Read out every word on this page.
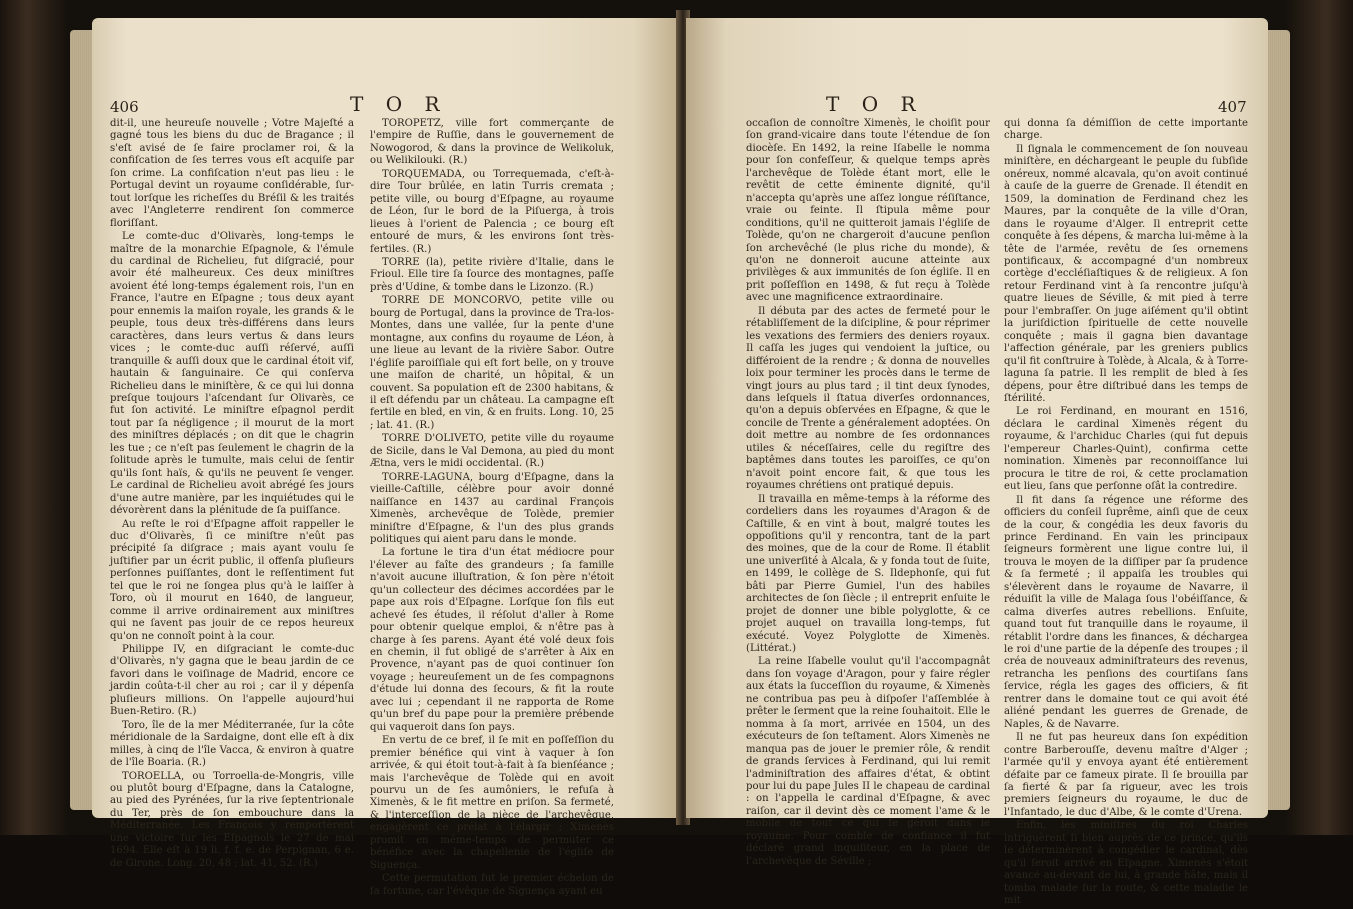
406	T O R

dit-il, une heureuſe nouvelle ; Votre Majeſté a gagné tous les biens du duc de Bragance ; il s'eſt avisé de ſe faire proclamer roi, & la confiſcation de ſes terres vous eſt acquiſe par ſon crime. La confiſcation n'eut pas lieu : le Portugal devint un royaume conſidérable, ſur-tout lorſque les richeſſes du Bréſil & les traités avec l'Angleterre rendirent ſon commerce floriſſant.

Le comte-duc d'Olivarès, long-temps le maître de la monarchie Eſpagnole, & l'émule du cardinal de Richelieu, fut diſgracié, pour avoir été malheureux. Ces deux miniſtres avoient été long-temps également rois, l'un en France, l'autre en Eſpagne ; tous deux ayant pour ennemis la maiſon royale, les grands & le peuple, tous deux très-différens dans leurs caractères, dans leurs vertus & dans leurs vices ; le comte-duc auſſi réſervé, auſſi tranquille & auſſi doux que le cardinal étoit vif, hautain & ſanguinaire. Ce qui conſerva Richelieu dans le miniſtère, & ce qui lui donna preſque toujours l'aſcendant ſur Olivarès, ce fut ſon activité. Le miniſtre eſpagnol perdit tout par ſa négligence ; il mourut de la mort des miniſtres déplacés ; on dit que le chagrin les tue ; ce n'eſt pas ſeulement le chagrin de la ſolitude après le tumulte, mais celui de ſentir qu'ils ſont haïs, & qu'ils ne peuvent ſe venger. Le cardinal de Richelieu avoit abrégé ſes jours d'une autre manière, par les inquiétudes qui le dévorèrent dans la plénitude de ſa puiſſance.

Au reſte le roi d'Eſpagne affoit rappeller le duc d'Olivarès, ſi ce miniſtre n'eût pas précipité ſa diſgrace ; mais ayant voulu ſe juſtifier par un écrit public, il offenſa pluſieurs perſonnes puiſſantes, dont le reſſentiment fut tel que le roi ne ſongea plus qu'à le laiſſer à Toro, où il mourut en 1640, de langueur, comme il arrive ordinairement aux miniſtres qui ne ſavent pas jouir de ce repos heureux qu'on ne connoît point à la cour.

Philippe IV, en diſgraciant le comte-duc d'Olivarès, n'y gagna que le beau jardin de ce favori dans le voiſinage de Madrid, encore ce jardin coûta-t-il cher au roi ; car il y dépenſa pluſieurs millions. On l'appelle aujourd'hui Buen-Retiro. (R.)

Toro, île de la mer Méditerranée, ſur la côte méridionale de la Sardaigne, dont elle eſt à dix milles, à cinq de l'île Vacca, & environ à quatre de l'île Boaria. (R.)

TOROELLA, ou Torroella-de-Mongris, ville ou plutôt bourg d'Eſpagne, dans la Catalogne, au pied des Pyrénées, ſur la rive ſeptentrionale du Ter, près de ſon embouchure dans la Méditerranée. Les François y remportèrent une victoire ſur les Eſpagnols le 27 de mai 1694. Elle eſt à 19 li. f. f. e. de Perpignan, 6 e. de Girone. Long. 20, 48 ; lat. 41, 52. (R.)

TOROPETZ, ville fort commerçante de l'empire de Ruſſie, dans le gouvernement de Nowogorod, & dans la province de Welikoluk, ou Welikilouki. (R.)

TORQUEMADA, ou Torrequemada, c'eſt-à-dire Tour brûlée, en latin Turris cremata ; petite ville, ou bourg d'Eſpagne, au royaume de Léon, ſur le bord de la Piſuerga, à trois lieues à l'orient de Palencia ; ce bourg eſt entouré de murs, & les environs ſont très-fertiles. (R.)

TORRE (la), petite rivière d'Italie, dans le Frioul. Elle tire ſa ſource des montagnes, paſſe près d'Udine, & tombe dans le Lizonzo. (R.)

TORRE DE MONCORVO, petite ville ou bourg de Portugal, dans la province de Tra-los-Montes, dans une vallée, ſur la pente d'une montagne, aux confins du royaume de Léon, à une lieue au levant de la rivière Sabor. Outre l'égliſe paroiſſiale qui eſt fort belle, on y trouve une maiſon de charité, un hôpital, & un couvent. Sa population eſt de 2300 habitans, & il eſt défendu par un château. La campagne eſt fertile en bled, en vin, & en fruits. Long. 10, 25 ; lat. 41. (R.)

TORRE D'OLIVETO, petite ville du royaume de Sicile, dans le Val Demona, au pied du mont Ætna, vers le midi occidental. (R.)

TORRE-LAGUNA, bourg d'Eſpagne, dans la vieille-Caſtille, célèbre pour avoir donné naiſſance en 1437 au cardinal François Ximenès, archevêque de Tolède, premier miniſtre d'Eſpagne, & l'un des plus grands politiques qui aient paru dans le monde.

La fortune le tira d'un état médiocre pour l'élever au faîte des grandeurs ; ſa famille n'avoit aucune illuſtration, & ſon père n'étoit qu'un collecteur des décimes accordées par le pape aux rois d'Eſpagne. Lorſque ſon fils eut achevé ſes études, il réſolut d'aller à Rome pour obtenir quelque emploi, & n'être pas à charge à ſes parens. Ayant été volé deux fois en chemin, il fut obligé de s'arrêter à Aix en Provence, n'ayant pas de quoi continuer ſon voyage ; heureuſement un de ſes compagnons d'étude lui donna des ſecours, & fit la route avec lui ; cependant il ne rapporta de Rome qu'un bref du pape pour la première prébende qui vaqueroit dans ſon pays.

En vertu de ce bref, il ſe mit en poſſeſſion du premier bénéfice qui vint à vaquer à ſon arrivée, & qui étoit tout-à-fait à ſa bienſéance ; mais l'archevêque de Tolède qui en avoit pourvu un de ſes aumôniers, le refuſa à Ximenès, & le fit mettre en priſon. Sa fermeté, & l'interceſſion de la nièce de l'archevêque, engagèrent ce prélat à l'élargir ; Ximenès promit en même-temps de permuter ce bénéfice avec la chapellenie de l'égliſe de Siguença.

Cette permutation fut le premier échelon de ſa fortune, car l'évêque de Siguença ayant eu

T O R	407

occaſion de connoître Ximenès, le choiſit pour ſon grand-vicaire dans toute l'étendue de ſon diocèſe. En 1492, la reine Iſabelle le nomma pour ſon confeſſeur, & quelque temps après l'archevêque de Tolède étant mort, elle le revêtit de cette éminente dignité, qu'il n'accepta qu'après une aſſez longue réſiſtance, vraie ou feinte. Il ſtipula même pour conditions, qu'il ne quitteroit jamais l'égliſe de Tolède, qu'on ne chargeroit d'aucune penſion ſon archevêché (le plus riche du monde), & qu'on ne donneroit aucune atteinte aux privilèges & aux immunités de ſon égliſe. Il en prit poſſeſſion en 1498, & fut reçu à Tolède avec une magnificence extraordinaire.

Il débuta par des actes de fermeté pour le rétabliſſement de la diſcipline, & pour réprimer les vexations des fermiers des deniers royaux. Il caſſa les juges qui vendoient la juſtice, ou différoient de la rendre ; & donna de nouvelles loix pour terminer les procès dans le terme de vingt jours au plus tard ; il tint deux ſynodes, dans leſquels il ſtatua diverſes ordonnances, qu'on a depuis obſervées en Eſpagne, & que le concile de Trente a généralement adoptées. On doit mettre au nombre de ſes ordonnances utiles & néceſſaires, celle du regiſtre des baptêmes dans toutes les paroiſſes, ce qu'on n'avoit point encore fait, & que tous les royaumes chrétiens ont pratiqué depuis.

Il travailla en même-temps à la réforme des cordeliers dans les royaumes d'Aragon & de Caſtille, & en vint à bout, malgré toutes les oppoſitions qu'il y rencontra, tant de la part des moines, que de la cour de Rome. Il établit une univerſité à Alcala, & y fonda tout de ſuite, en 1499, le collège de S. Ildephonſe, qui fut bâti par Pierre Gumiel, l'un des habiles architectes de ſon ſiècle ; il entreprit enſuite le projet de donner une bible polyglotte, & ce projet auquel on travailla long-temps, fut exécuté. Voyez Polyglotte de Ximenès. (Littérat.)

La reine Iſabelle voulut qu'il l'accompagnât dans ſon voyage d'Aragon, pour y faire régler aux états la ſucceſſion du royaume, & Ximenès ne contribua pas peu à diſpoſer l'aſſemblée à prêter le ſerment que la reine ſouhaitoit. Elle le nomma à ſa mort, arrivée en 1504, un des exécuteurs de ſon teſtament. Alors Ximenès ne manqua pas de jouer le premier rôle, & rendit de grands ſervices à Ferdinand, qui lui remit l'adminiſtration des affaires d'état, & obtint pour lui du pape Jules II le chapeau de cardinal : on l'appella le cardinal d'Eſpagne, & avec raiſon, car il devint dès ce moment l'ame & le mobile de tout ce qui ſe géroit dans le royaume. Pour comble de confiance il fut déclaré grand inquiſiteur, en la place de l'archevêque de Séville ;

qui donna ſa démiſſion de cette importante charge.

Il ſignala le commencement de ſon nouveau miniſtère, en déchargeant le peuple du ſubſide onéreux, nommé alcavala, qu'on avoit continué à cauſe de la guerre de Grenade. Il étendit en 1509, la domination de Ferdinand chez les Maures, par la conquête de la ville d'Oran, dans le royaume d'Alger. Il entreprit cette conquête à ſes dépens, & marcha lui-même à la tête de l'armée, revêtu de ſes ornemens pontificaux, & accompagné d'un nombreux cortège d'eccléſiaſtiques & de religieux. A ſon retour Ferdinand vint à ſa rencontre juſqu'à quatre lieues de Séville, & mit pied à terre pour l'embraſſer. On juge aiſément qu'il obtint la juriſdiction ſpirituelle de cette nouvelle conquête ; mais il gagna bien davantage l'affection générale, par les greniers publics qu'il fit conſtruire à Tolède, à Alcala, & à Torre-laguna ſa patrie. Il les remplit de bled à ſes dépens, pour être diſtribué dans les temps de ſtérilité.

Le roi Ferdinand, en mourant en 1516, déclara le cardinal Ximenès régent du royaume, & l'archiduc Charles (qui fut depuis l'empereur Charles-Quint), confirma cette nomination. Ximenès par reconnoiſſance lui procura le titre de roi, & cette proclamation eut lieu, ſans que perſonne oſât la contredire.

Il fit dans ſa régence une réforme des officiers du conſeil ſuprême, ainſi que de ceux de la cour, & congédia les deux favoris du prince Ferdinand. En vain les principaux ſeigneurs formèrent une ligue contre lui, il trouva le moyen de la diſſiper par ſa prudence & ſa fermeté ; il appaiſa les troubles qui s'élevèrent dans le royaume de Navarre, il réduiſit la ville de Malaga ſous l'obéiſſance, & calma diverſes autres rebellions. Enſuite, quand tout fut tranquille dans le royaume, il rétablit l'ordre dans les finances, & déchargea le roi d'une partie de la dépenſe des troupes ; il créa de nouveaux adminiſtrateurs des revenus, retrancha les penſions des courtiſans ſans ſervice, régla les gages des officiers, & fit rentrer dans le domaine tout ce qui avoit été aliéné pendant les guerres de Grenade, de Naples, & de Navarre.

Il ne fut pas heureux dans ſon expédition contre Barberouſſe, devenu maître d'Alger ; l'armée qu'il y envoya ayant été entièrement défaite par ce fameux pirate. Il ſe brouilla par ſa fierté & par ſa rigueur, avec les trois premiers ſeigneurs du royaume, le duc de l'Infantado, le duc d'Albe, & le comte d'Urena.

Enfin, les miniſtres du roi Charles intriguèrent ſi bien auprès de ce prince, qu'ils le déterminèrent à congédier le cardinal, dès qu'il ſeroit arrivé en Eſpagne. Ximenès s'étoit avancé au-devant de lui, à grande hâte, mais il tomba malade ſur la route, & cette maladie le mit
